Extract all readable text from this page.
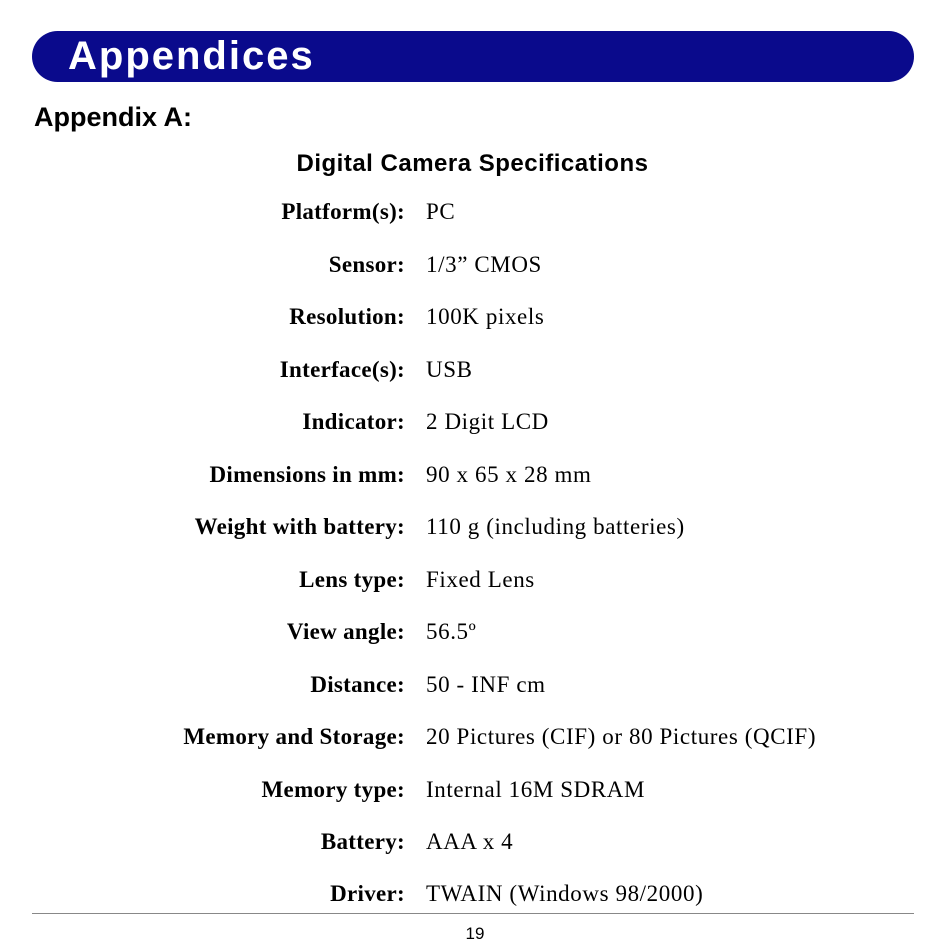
Appendices
Appendix A:
Digital Camera Specifications
Platform(s): PC
Sensor: 1/3” CMOS
Resolution: 100K pixels
Interface(s): USB
Indicator: 2 Digit LCD
Dimensions in mm: 90 x 65 x 28 mm
Weight with battery: 110 g (including batteries)
Lens type: Fixed Lens
View angle: 56.5º
Distance: 50 - INF cm
Memory and Storage: 20 Pictures (CIF) or 80 Pictures (QCIF)
Memory type: Internal 16M SDRAM
Battery: AAA x 4
Driver: TWAIN (Windows 98/2000)
19
